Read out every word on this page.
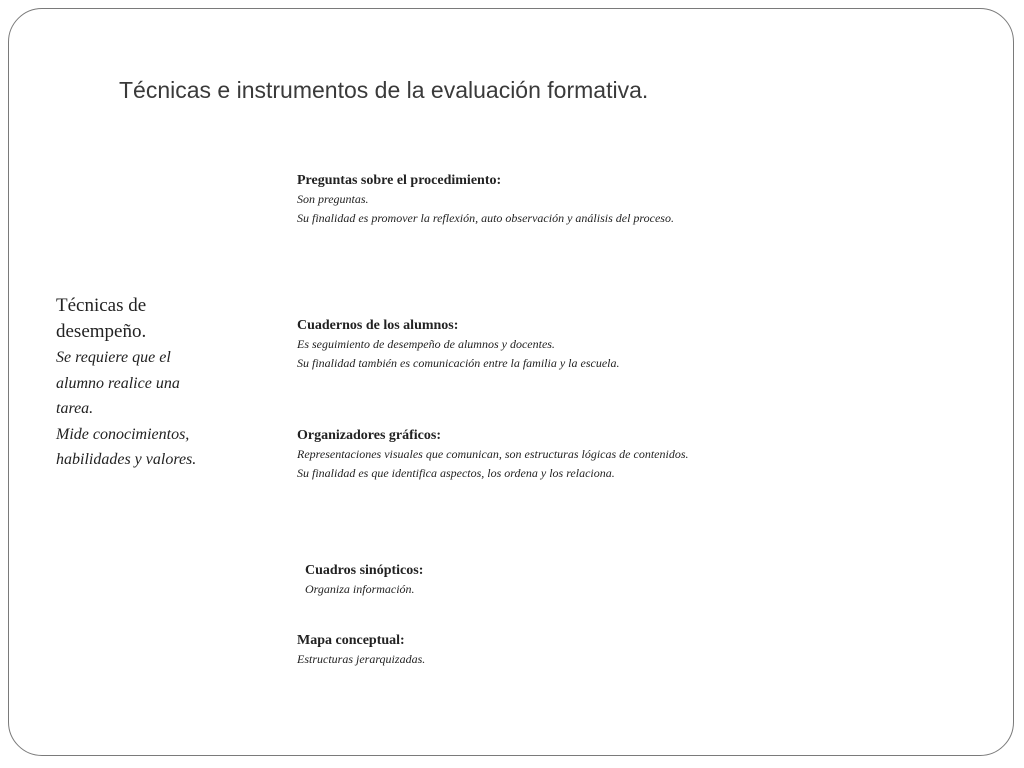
Técnicas e instrumentos de la evaluación formativa.

Técnicas de

desempeño.

Se requiere que el

alumno realice una

tarea.

Mide conocimientos,

habilidades y valores.

Preguntas sobre el procedimiento:

Son preguntas.

Su finalidad es promover la reflexión, auto observación y análisis del proceso.

Cuadernos de los alumnos:

Es seguimiento de desempeño de alumnos y docentes.

Su finalidad también es comunicación entre la familia y la escuela.

Organizadores gráficos:

Representaciones visuales que comunican, son estructuras lógicas de contenidos.

Su finalidad es que identifica aspectos, los ordena y los relaciona.

Cuadros sinópticos:

Organiza información.

Mapa conceptual:

Estructuras jerarquizadas.
